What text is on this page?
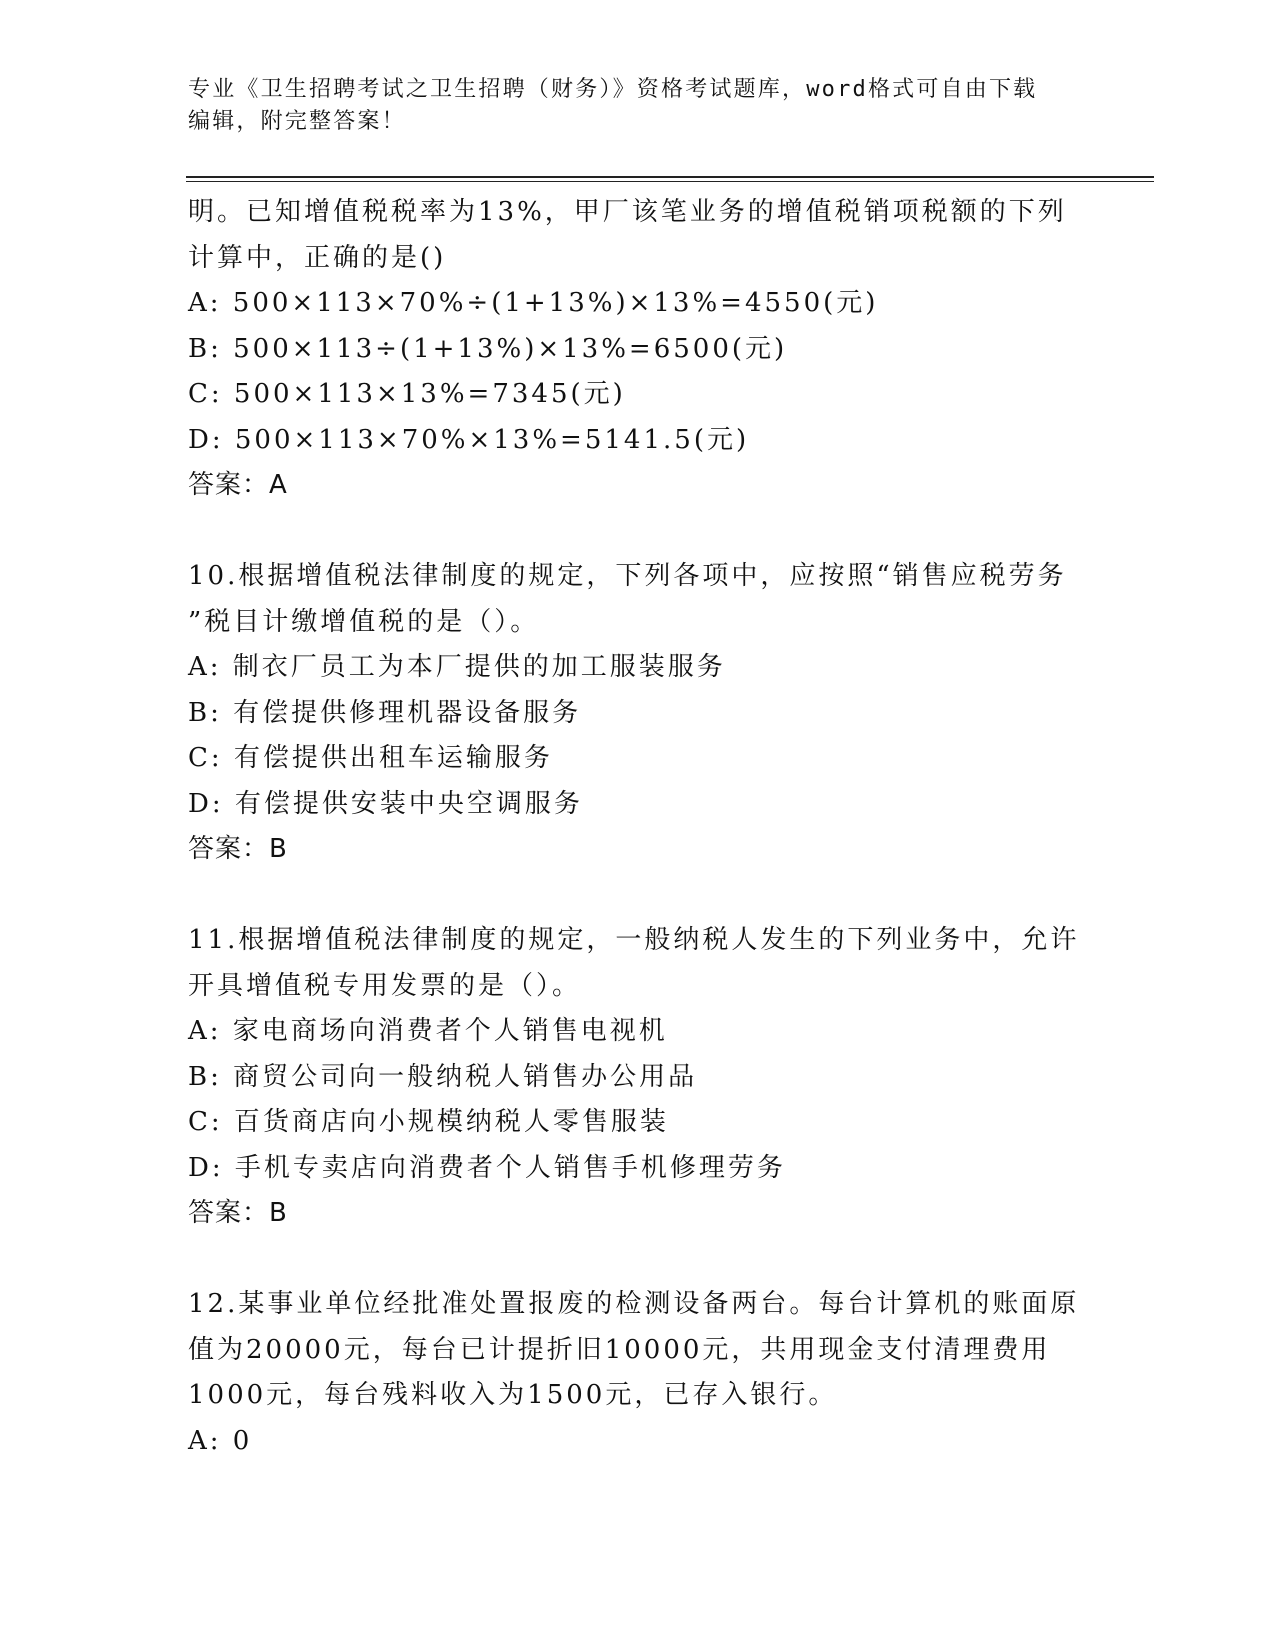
专业《卫生招聘考试之卫生招聘（财务）》资格考试题库，word格式可自由下载
编辑，附完整答案！
明。已知增值税税率为13%，甲厂该笔业务的增值税销项税额的下列
计算中，正确的是()
A: 500×113×70%÷(1+13%)×13%=4550(元)
B: 500×113÷(1+13%)×13%=6500(元)
C: 500×113×13%=7345(元)
D: 500×113×70%×13%=5141.5(元)
答案：A
10.根据增值税法律制度的规定，下列各项中，应按照“销售应税劳务
”税目计缴增值税的是（）。
A: 制衣厂员工为本厂提供的加工服装服务
B: 有偿提供修理机器设备服务
C: 有偿提供出租车运输服务
D: 有偿提供安装中央空调服务
答案：B
11.根据增值税法律制度的规定，一般纳税人发生的下列业务中，允许
开具增值税专用发票的是（）。
A: 家电商场向消费者个人销售电视机
B: 商贸公司向一般纳税人销售办公用品
C: 百货商店向小规模纳税人零售服装
D: 手机专卖店向消费者个人销售手机修理劳务
答案：B
12.某事业单位经批准处置报废的检测设备两台。每台计算机的账面原
值为20000元，每台已计提折旧10000元，共用现金支付清理费用
1000元，每台残料收入为1500元，已存入银行。
A: 0
